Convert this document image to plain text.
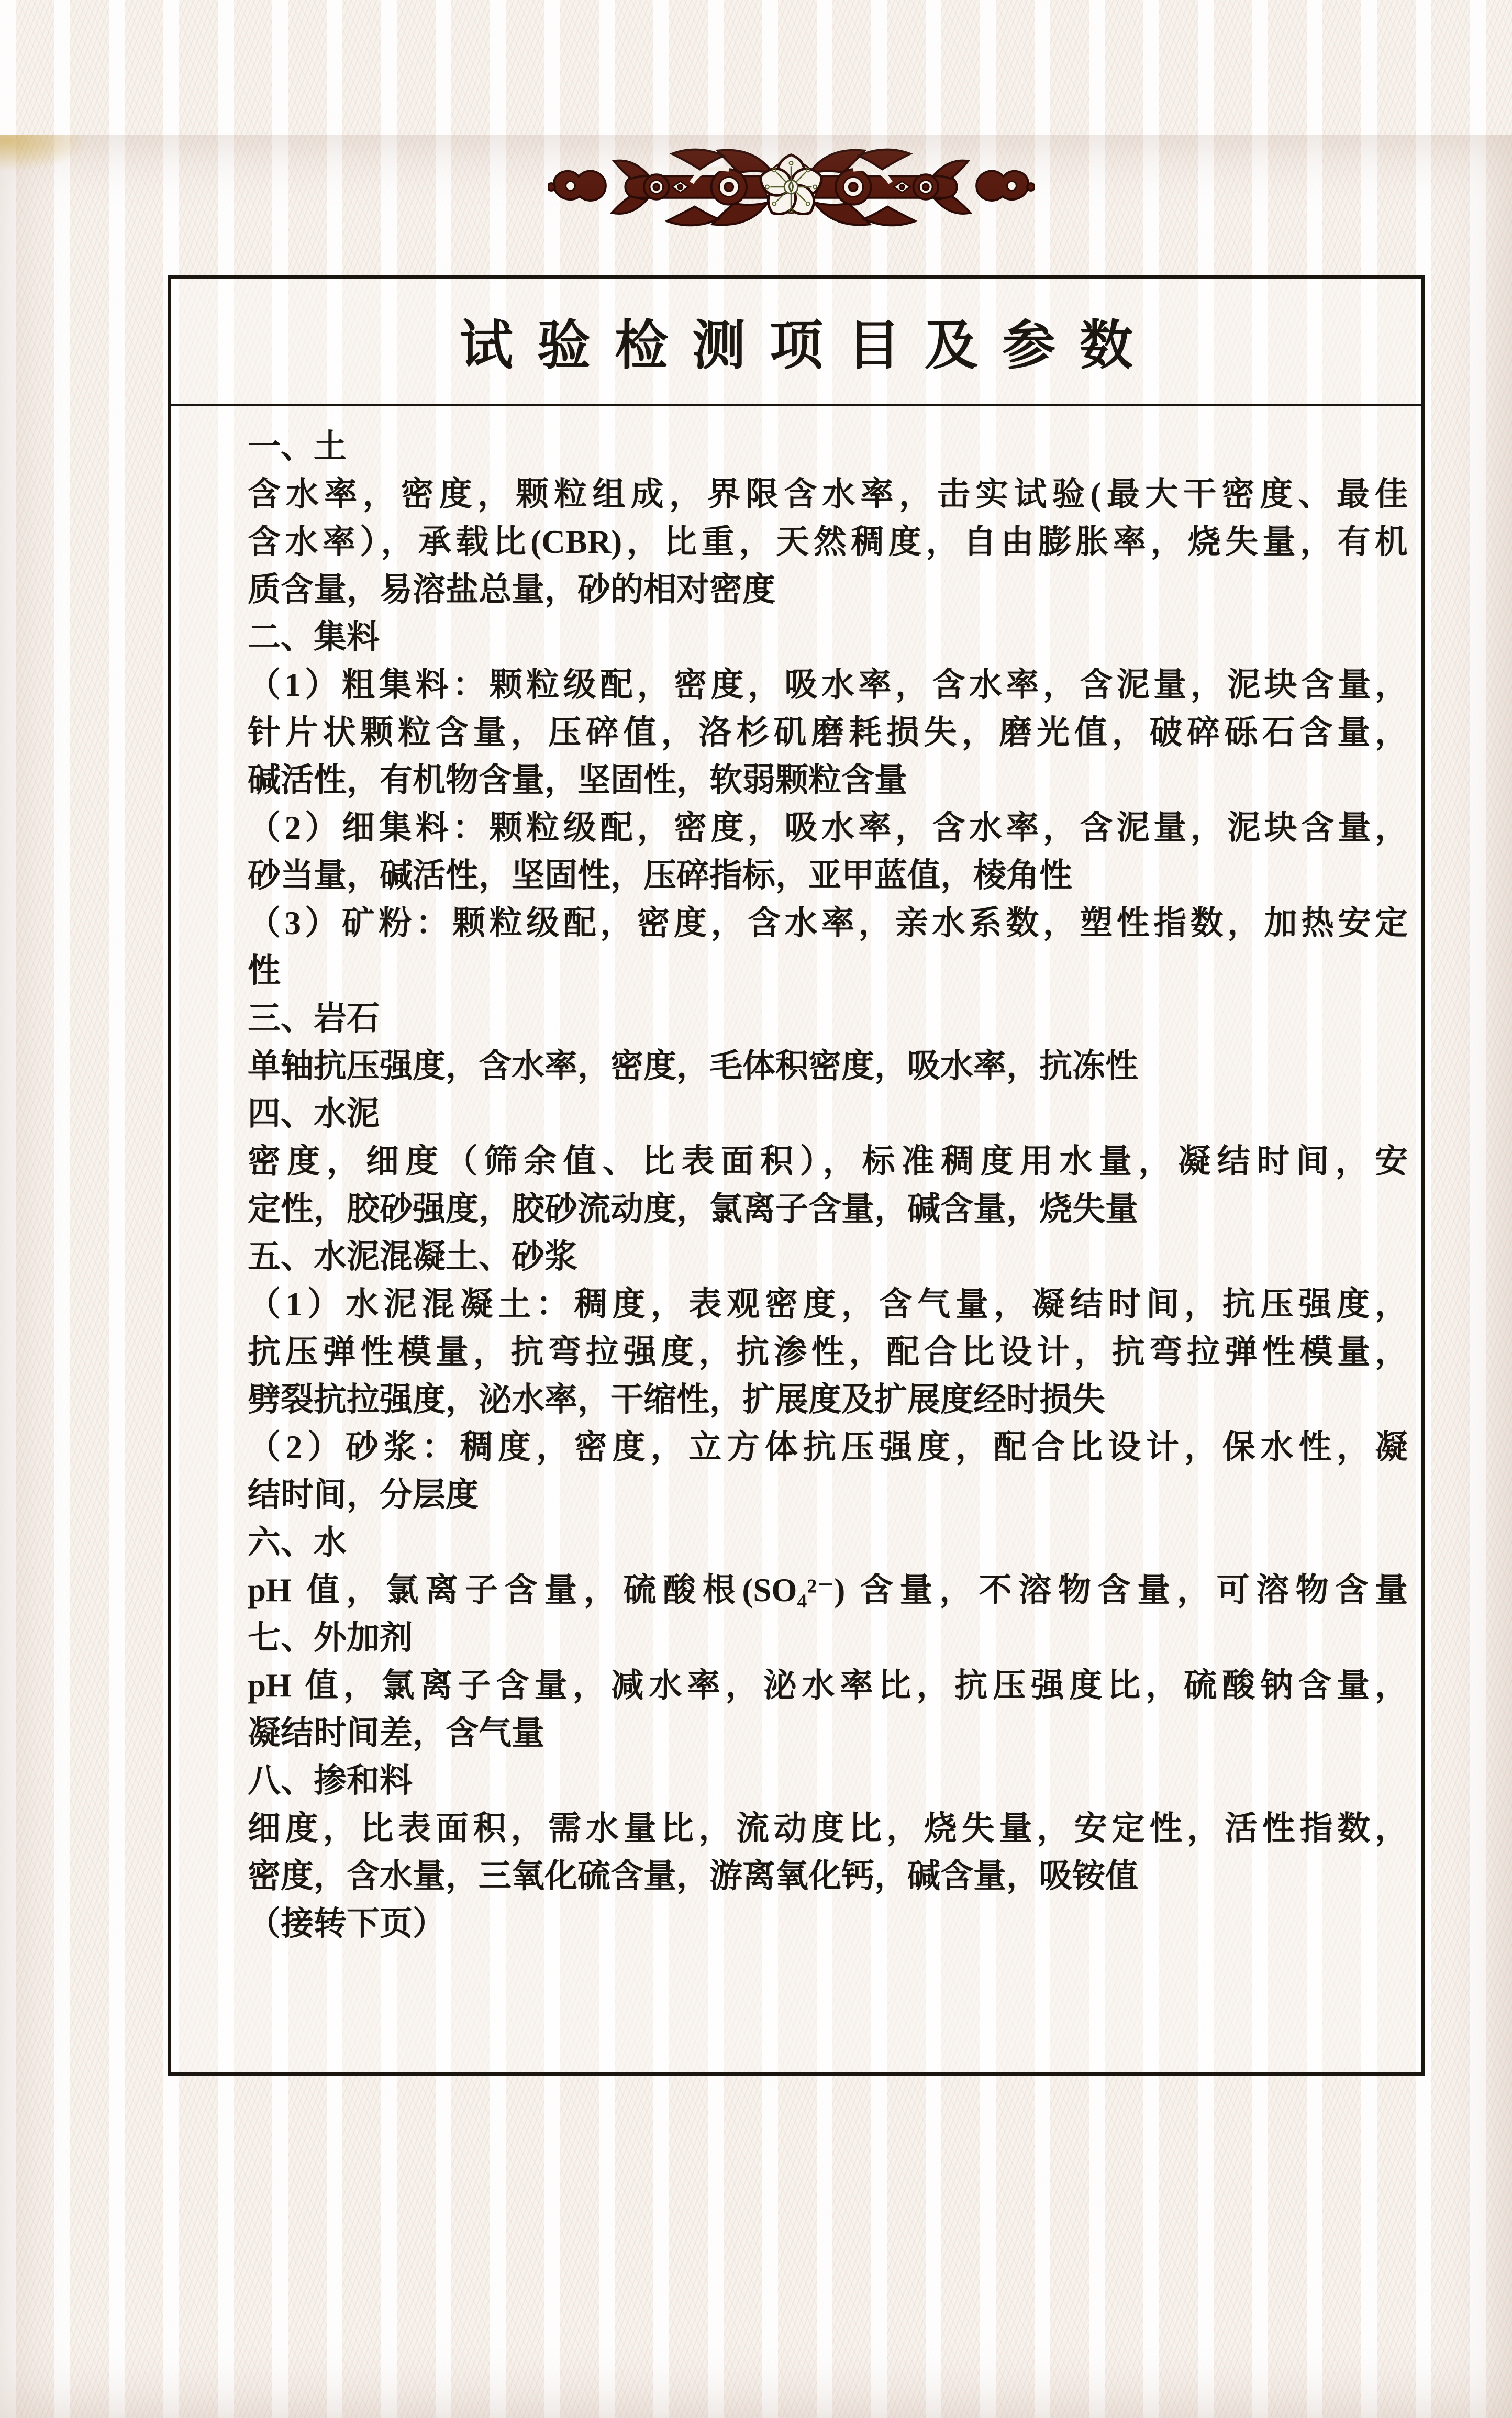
试验检测项目及参数
一、土
含水率，密度，颗粒组成，界限含水率，击实试验(最大干密度、最佳
含水率），承载比(CBR)，比重，天然稠度，自由膨胀率，烧失量，有机
质含量，易溶盐总量，砂的相对密度
二、集料
（1）粗集料：颗粒级配，密度，吸水率，含水率，含泥量，泥块含量，
针片状颗粒含量，压碎值，洛杉矶磨耗损失，磨光值，破碎砾石含量，
碱活性，有机物含量，坚固性，软弱颗粒含量
（2）细集料：颗粒级配，密度，吸水率，含水率，含泥量，泥块含量，
砂当量，碱活性，坚固性，压碎指标，亚甲蓝值，棱角性
（3）矿粉：颗粒级配，密度，含水率，亲水系数，塑性指数，加热安定
性
三、岩石
单轴抗压强度，含水率，密度，毛体积密度，吸水率，抗冻性
四、水泥
密度，细度（筛余值、比表面积），标准稠度用水量，凝结时间，安
定性，胶砂强度，胶砂流动度，氯离子含量，碱含量，烧失量
五、水泥混凝土、砂浆
（1）水泥混凝土：稠度，表观密度，含气量，凝结时间，抗压强度，
抗压弹性模量，抗弯拉强度，抗渗性，配合比设计，抗弯拉弹性模量，
劈裂抗拉强度，泌水率，干缩性，扩展度及扩展度经时损失
（2）砂浆：稠度，密度，立方体抗压强度，配合比设计，保水性，凝
结时间，分层度
六、水
pH 值，氯离子含量，硫酸根(SO₄²⁻) 含量，不溶物含量，可溶物含量
七、外加剂
pH 值，氯离子含量，减水率，泌水率比，抗压强度比，硫酸钠含量，
凝结时间差，含气量
八、掺和料
细度，比表面积，需水量比，流动度比，烧失量，安定性，活性指数，
密度，含水量，三氧化硫含量，游离氧化钙，碱含量，吸铵值
（接转下页）
